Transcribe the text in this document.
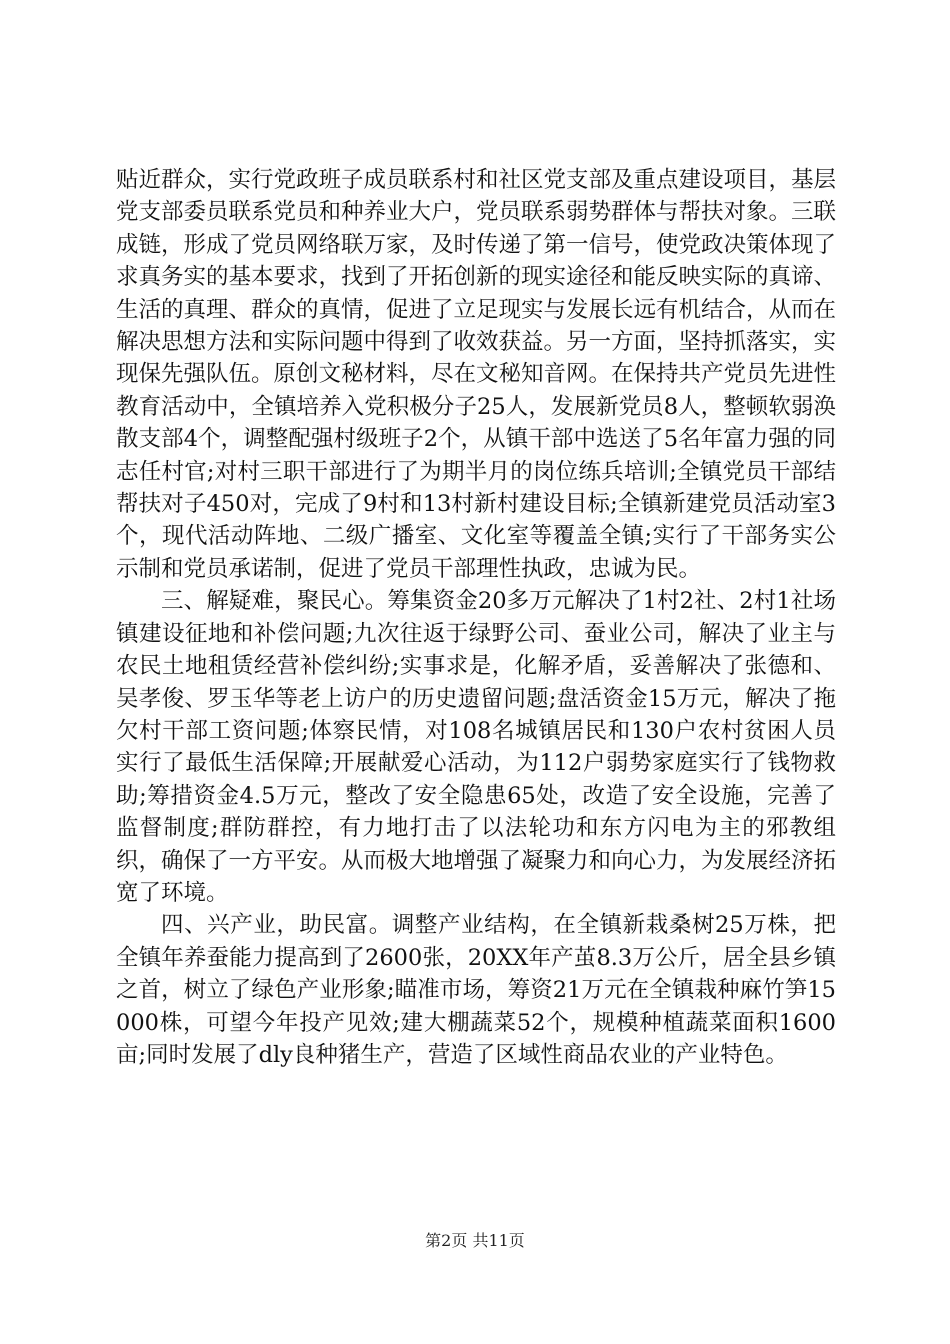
贴近群众，实行党政班子成员联系村和社区党支部及重点建设项目，基层党支部委员联系党员和种养业大户，党员联系弱势群体与帮扶对象。三联成链，形成了党员网络联万家，及时传递了第一信号，使党政决策体现了求真务实的基本要求，找到了开拓创新的现实途径和能反映实际的真谛、生活的真理、群众的真情，促进了立足现实与发展长远有机结合，从而在解决思想方法和实际问题中得到了收效获益。另一方面，坚持抓落实，实现保先强队伍。原创文秘材料，尽在文秘知音网。在保持共产党员先进性教育活动中，全镇培养入党积极分子25人，发展新党员8人，整顿软弱涣散支部4个，调整配强村级班子2个，从镇干部中选送了5名年富力强的同志任村官;对村三职干部进行了为期半月的岗位练兵培训;全镇党员干部结帮扶对子450对，完成了9村和13村新村建设目标;全镇新建党员活动室3个，现代活动阵地、二级广播室、文化室等覆盖全镇;实行了干部务实公示制和党员承诺制，促进了党员干部理性执政，忠诚为民。

三、解疑难，聚民心。筹集资金20多万元解决了1村2社、2村1社场镇建设征地和补偿问题;九次往返于绿野公司、蚕业公司，解决了业主与农民土地租赁经营补偿纠纷;实事求是，化解矛盾，妥善解决了张德和、吴孝俊、罗玉华等老上访户的历史遗留问题;盘活资金15万元，解决了拖欠村干部工资问题;体察民情，对108名城镇居民和130户农村贫困人员实行了最低生活保障;开展献爱心活动，为112户弱势家庭实行了钱物救助;筹措资金4.5万元，整改了安全隐患65处，改造了安全设施，完善了监督制度;群防群控，有力地打击了以法轮功和东方闪电为主的邪教组织，确保了一方平安。从而极大地增强了凝聚力和向心力，为发展经济拓宽了环境。

四、兴产业，助民富。调整产业结构，在全镇新栽桑树25万株，把全镇年养蚕能力提高到了2600张，20XX年产茧8.3万公斤，居全县乡镇之首，树立了绿色产业形象;瞄准市场，筹资21万元在全镇栽种麻竹笋15000株，可望今年投产见效;建大棚蔬菜52个，规模种植蔬菜面积1600亩;同时发展了dly良种猪生产，营造了区域性商品农业的产业特色。

第2页 共11页
